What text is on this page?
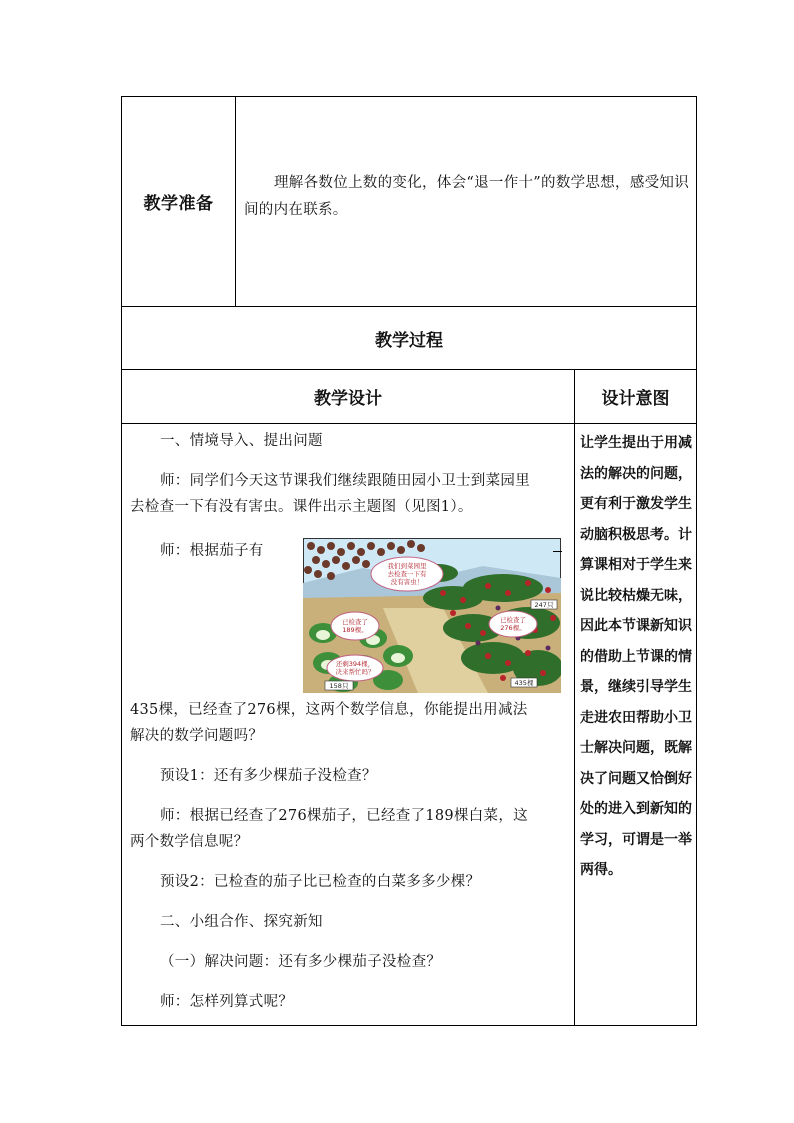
教学准备
理解各数位上数的变化，体会“退一作十”的数学思想，感受知识间的内在联系。
教学过程
教学设计	设计意图
一、情境导入、提出问题
师：同学们今天这节课我们继续跟随田园小卫士到菜园里
去检查一下有没有害虫。课件出示主题图（见图1）。
师：根据茄子有
我们到菜园里
去检查一下有
没有害虫！
已检查了
189棵。
已检查了
276棵。
还剩394棵，
决来帮忙吗？
247只
435棵
158只
435棵，已经查了276棵，这两个数学信息，你能提出用减法
解决的数学问题吗？
预设1：还有多少棵茄子没检查？
师：根据已经查了276棵茄子，已经查了189棵白菜，这
两个数学信息呢？
预设2：已检查的茄子比已检查的白菜多多少棵？
二、小组合作、探究新知
（一）解决问题：还有多少棵茄子没检查？
师：怎样列算式呢？
让学生提出于用减法的解决的问题，更有利于激发学生动脑积极思考。计算课相对于学生来说比较枯燥无味，因此本节课新知识的借助上节课的情景，继续引导学生走进农田帮助小卫士解决问题，既解决了问题又恰倒好处的进入到新知的学习，可谓是一举两得。
